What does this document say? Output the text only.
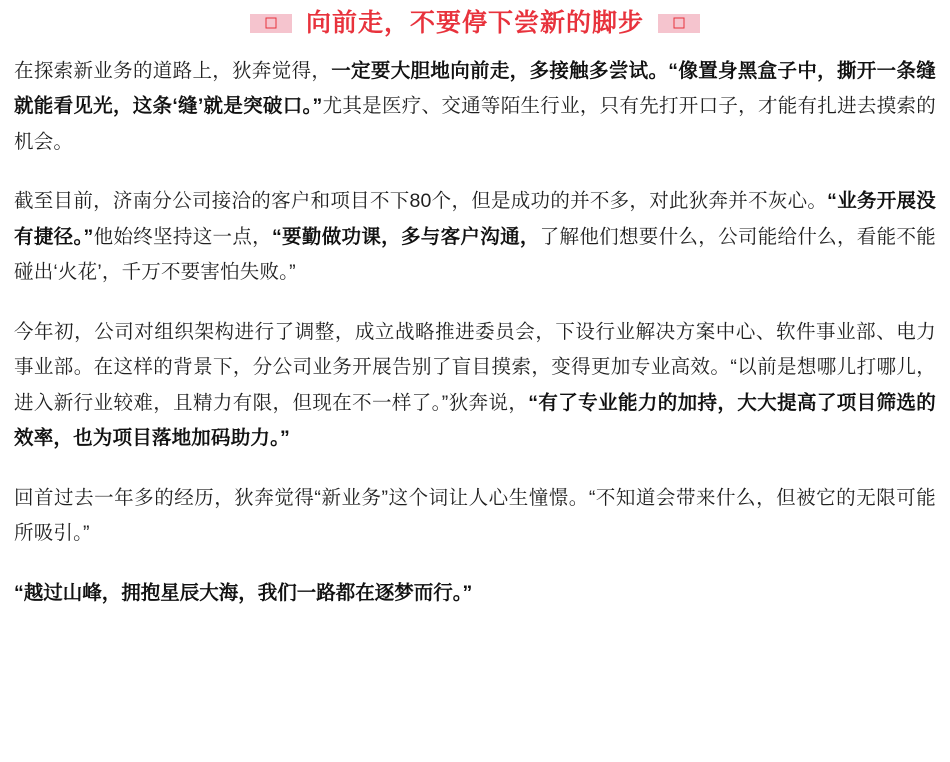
向前走，不要停下尝新的脚步

在探索新业务的道路上，狄奔觉得，一定要大胆地向前走，多接触多尝试。“像置身黑盒子中，撕开一条缝就能看见光，这条‘缝’就是突破口。”尤其是医疗、交通等陌生行业，只有先打开口子，才能有扎进去摸索的机会。

截至目前，济南分公司接洽的客户和项目不下80个，但是成功的并不多，对此狄奔并不灰心。“业务开展没有捷径。”他始终坚持这一点，“要勤做功课，多与客户沟通，了解他们想要什么，公司能给什么，看能不能碰出‘火花’，千万不要害怕失败。”

今年初，公司对组织架构进行了调整，成立战略推进委员会，下设行业解决方案中心、软件事业部、电力事业部。在这样的背景下，分公司业务开展告别了盲目摸索，变得更加专业高效。“以前是想哪儿打哪儿，进入新行业较难，且精力有限，但现在不一样了。”狄奔说，“有了专业能力的加持，大大提高了项目筛选的效率，也为项目落地加码助力。”

回首过去一年多的经历，狄奔觉得“新业务”这个词让人心生憧憬。“不知道会带来什么，但被它的无限可能所吸引。”

“越过山峰，拥抱星辰大海，我们一路都在逐梦而行。”
